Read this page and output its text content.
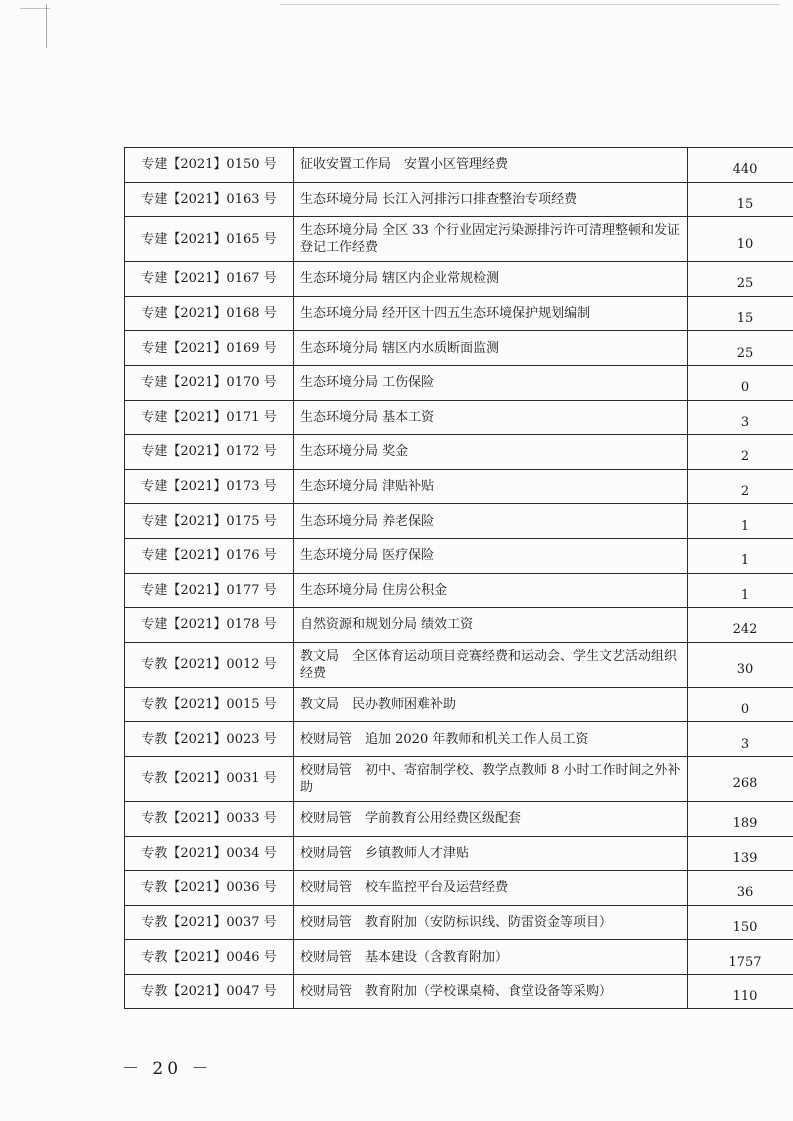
专建【2021】0150 号	征收安置工作局　安置小区管理经费	440
专建【2021】0163 号	生态环境分局 长江入河排污口排查整治专项经费	15
专建【2021】0165 号	生态环境分局 全区 33 个行业固定污染源排污许可清理整顿和发证登记工作经费	10
专建【2021】0167 号	生态环境分局 辖区内企业常规检测	25
专建【2021】0168 号	生态环境分局 经开区十四五生态环境保护规划编制	15
专建【2021】0169 号	生态环境分局 辖区内水质断面监测	25
专建【2021】0170 号	生态环境分局 工伤保险	0
专建【2021】0171 号	生态环境分局 基本工资	3
专建【2021】0172 号	生态环境分局 奖金	2
专建【2021】0173 号	生态环境分局 津贴补贴	2
专建【2021】0175 号	生态环境分局 养老保险	1
专建【2021】0176 号	生态环境分局 医疗保险	1
专建【2021】0177 号	生态环境分局 住房公积金	1
专建【2021】0178 号	自然资源和规划分局 绩效工资	242
专教【2021】0012 号	教文局　全区体育运动项目竞赛经费和运动会、学生文艺活动组织经费	30
专教【2021】0015 号	教文局　民办教师困难补助	0
专教【2021】0023 号	校财局管　追加 2020 年教师和机关工作人员工资	3
专教【2021】0031 号	校财局管　初中、寄宿制学校、教学点教师 8 小时工作时间之外补助	268
专教【2021】0033 号	校财局管　学前教育公用经费区级配套	189
专教【2021】0034 号	校财局管　乡镇教师人才津贴	139
专教【2021】0036 号	校财局管　校车监控平台及运营经费	36
专教【2021】0037 号	校财局管　教育附加（安防标识线、防雷资金等项目）	150
专教【2021】0046 号	校财局管　基本建设（含教育附加）	1757
专教【2021】0047 号	校财局管　教育附加（学校课桌椅、食堂设备等采购）	110
－ 20 －
